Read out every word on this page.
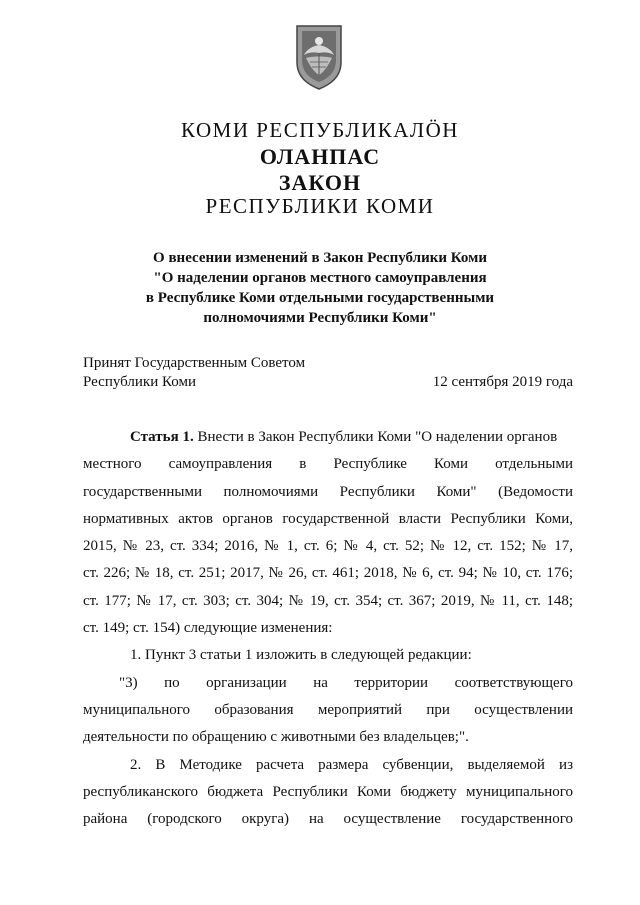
КОМИ РЕСПУБЛИКАЛӦН
ОЛАНПАС
ЗАКОН
РЕСПУБЛИКИ КОМИ
О внесении изменений в Закон Республики Коми
"О наделении органов местного самоуправления
в Республике Коми отдельными государственными
полномочиями Республики Коми"
Принят Государственным Советом
Республики Коми	12 сентября 2019 года
Статья 1. Внести в Закон Республики Коми "О наделении органов
местного самоуправления в Республике Коми отдельными
государственными полномочиями Республики Коми" (Ведомости
нормативных актов органов государственной власти Республики Коми,
2015, № 23, ст. 334; 2016, № 1, ст. 6; № 4, ст. 52; № 12, ст. 152; № 17,
ст. 226; № 18, ст. 251; 2017, № 26, ст. 461; 2018, № 6, ст. 94; № 10, ст. 176;
ст. 177; № 17, ст. 303; ст. 304; № 19, ст. 354; ст. 367; 2019, № 11, ст. 148;
ст. 149; ст. 154) следующие изменения:
1. Пункт 3 статьи 1 изложить в следующей редакции:
"3) по организации на территории соответствующего
муниципального образования мероприятий при осуществлении
деятельности по обращению с животными без владельцев;".
2. В Методике расчета размера субвенции, выделяемой из
республиканского бюджета Республики Коми бюджету муниципального
района (городского округа) на осуществление государственного
